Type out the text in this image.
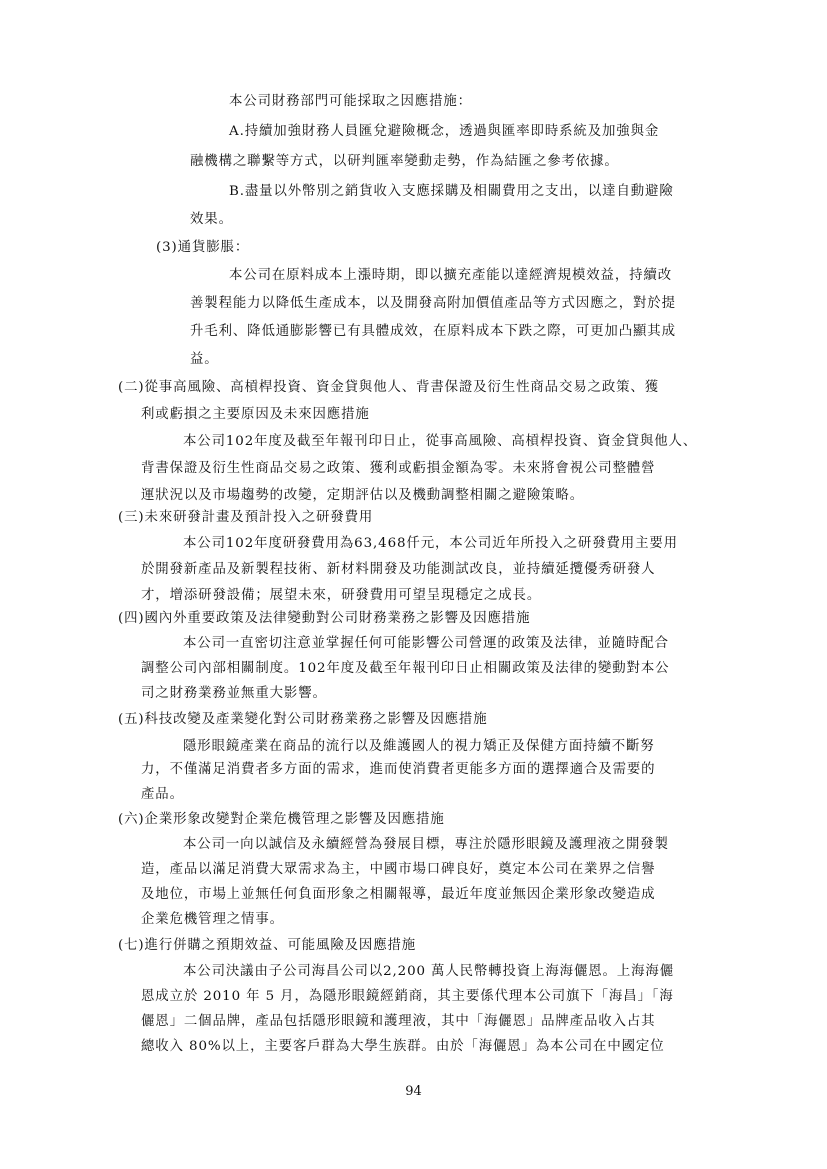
本公司財務部門可能採取之因應措施：
A.持續加強財務人員匯兌避險概念，透過與匯率即時系統及加強與金
融機構之聯繫等方式，以研判匯率變動走勢，作為結匯之參考依據。
B.盡量以外幣別之銷貨收入支應採購及相關費用之支出，以達自動避險
效果。
(3)通貨膨脹：
本公司在原料成本上漲時期，即以擴充產能以達經濟規模效益，持續改
善製程能力以降低生產成本，以及開發高附加價值產品等方式因應之，對於提
升毛利、降低通膨影響已有具體成效，在原料成本下跌之際，可更加凸顯其成
益。
(二)從事高風險、高槓桿投資、資金貸與他人、背書保證及衍生性商品交易之政策、獲
利或虧損之主要原因及未來因應措施
本公司102年度及截至年報刊印日止，從事高風險、高槓桿投資、資金貸與他人、
背書保證及衍生性商品交易之政策、獲利或虧損金額為零。未來將會視公司整體營
運狀況以及市場趨勢的改變，定期評估以及機動調整相關之避險策略。
(三)未來研發計畫及預計投入之研發費用
本公司102年度研發費用為63,468仟元，本公司近年所投入之研發費用主要用
於開發新產品及新製程技術、新材料開發及功能測試改良，並持續延攬優秀研發人
才，增添研發設備；展望未來，研發費用可望呈現穩定之成長。
(四)國內外重要政策及法律變動對公司財務業務之影響及因應措施
本公司一直密切注意並掌握任何可能影響公司營運的政策及法律，並隨時配合
調整公司內部相關制度。102年度及截至年報刊印日止相關政策及法律的變動對本公
司之財務業務並無重大影響。
(五)科技改變及產業變化對公司財務業務之影響及因應措施
隱形眼鏡產業在商品的流行以及維護國人的視力矯正及保健方面持續不斷努
力，不僅滿足消費者多方面的需求，進而使消費者更能多方面的選擇適合及需要的
產品。
(六)企業形象改變對企業危機管理之影響及因應措施
本公司一向以誠信及永續經營為發展目標，專注於隱形眼鏡及護理液之開發製
造，產品以滿足消費大眾需求為主，中國市場口碑良好，奠定本公司在業界之信譽
及地位，市場上並無任何負面形象之相關報導，最近年度並無因企業形象改變造成
企業危機管理之情事。
(七)進行併購之預期效益、可能風險及因應措施
本公司決議由子公司海昌公司以2,200 萬人民幣轉投資上海海儷恩。上海海儷
恩成立於 2010 年 5 月，為隱形眼鏡經銷商，其主要係代理本公司旗下「海昌」「海
儷恩」二個品牌，產品包括隱形眼鏡和護理液，其中「海儷恩」品牌產品收入占其
總收入 80%以上，主要客戶群為大學生族群。由於「海儷恩」為本公司在中國定位
94
